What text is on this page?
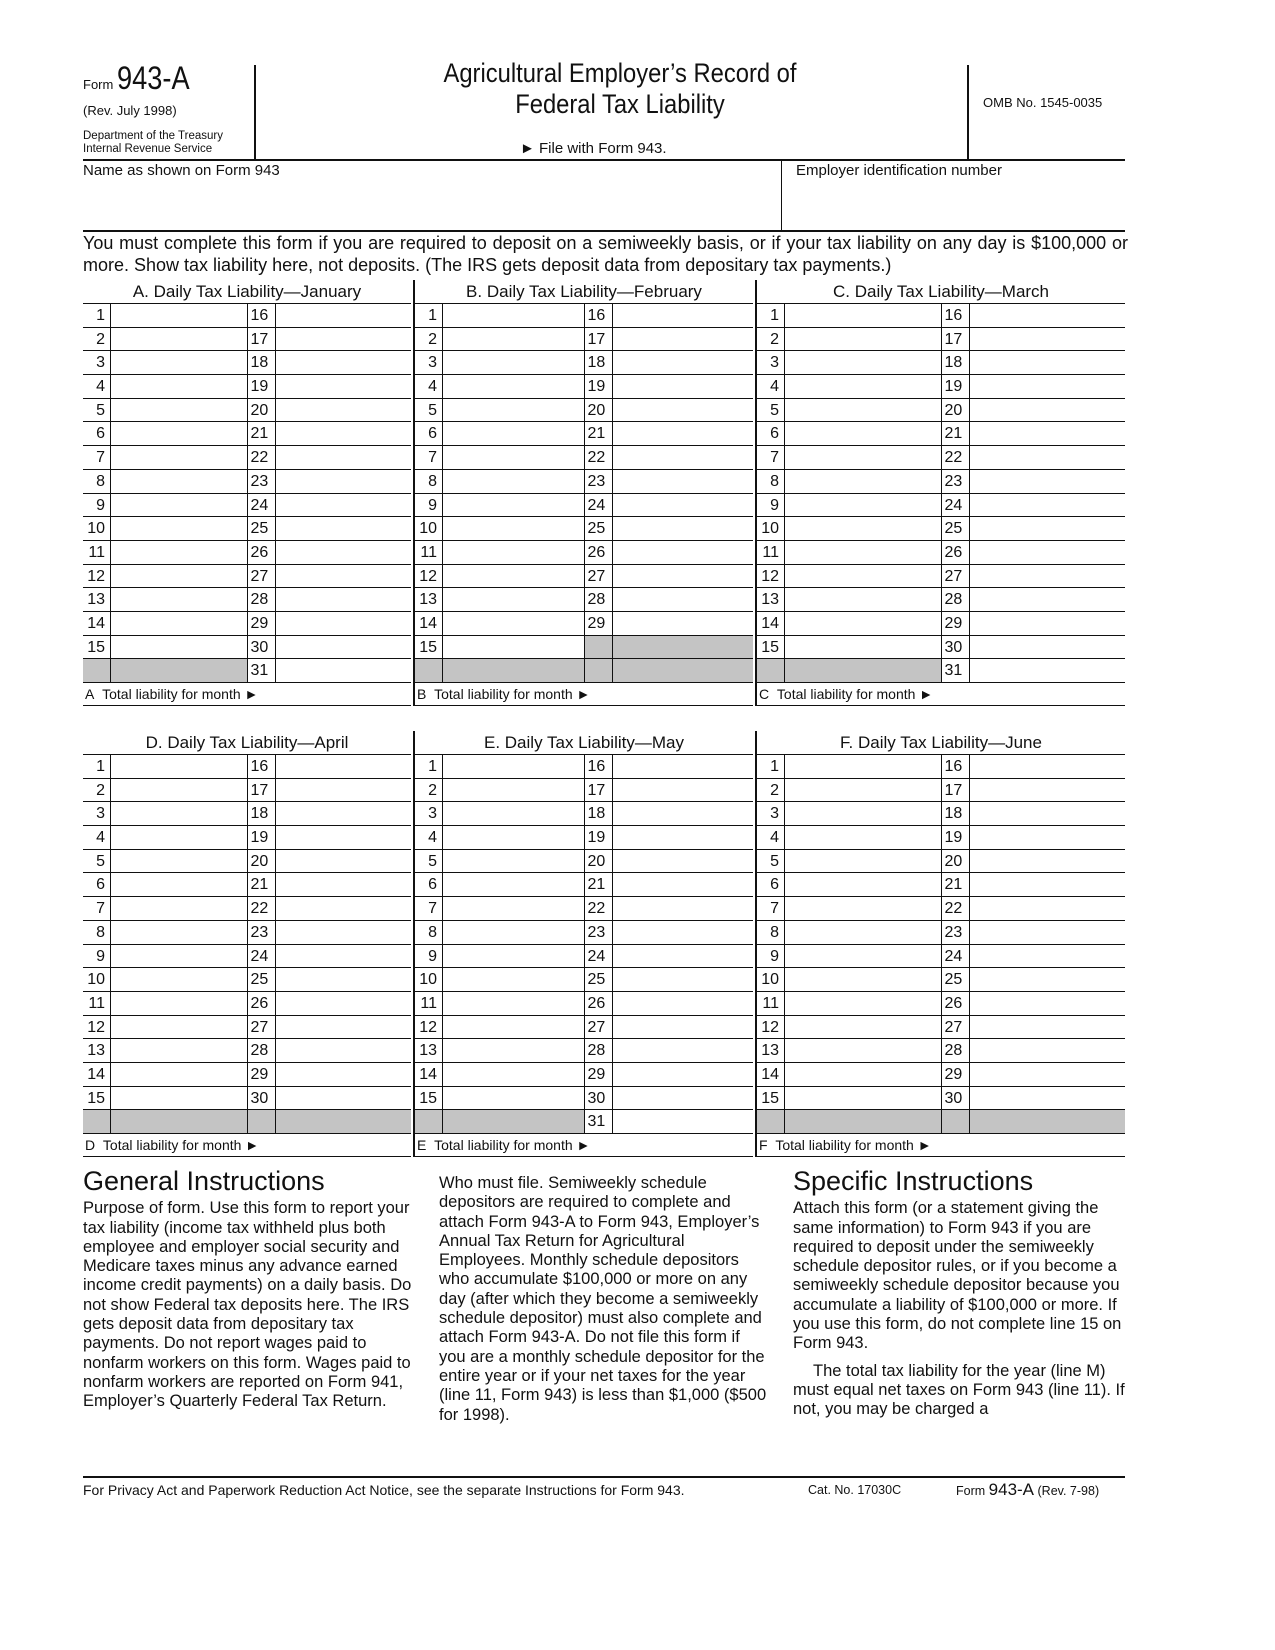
Form 943-A
(Rev. July 1998)
Department of the Treasury
Internal Revenue Service
Agricultural Employer’s Record of
Federal Tax Liability
► File with Form 943.
OMB No. 1545-0035
Name as shown on Form 943	Employer identification number
You must complete this form if you are required to deposit on a semiweekly basis, or if your tax liability on any day is $100,000 or more. Show tax liability here, not deposits. (The IRS gets deposit data from depositary tax payments.)
A. Daily Tax Liability—January
1	16
2	17
3	18
4	19
5	20
6	21
7	22
8	23
9	24
10	25
11	26
12	27
13	28
14	29
15	30
31
A Total liability for month ►
B. Daily Tax Liability—February
1	16
2	17
3	18
4	19
5	20
6	21
7	22
8	23
9	24
10	25
11	26
12	27
13	28
14	29
15
B Total liability for month ►
C. Daily Tax Liability—March
1	16
2	17
3	18
4	19
5	20
6	21
7	22
8	23
9	24
10	25
11	26
12	27
13	28
14	29
15	30
31
C Total liability for month ►
D. Daily Tax Liability—April
1	16
2	17
3	18
4	19
5	20
6	21
7	22
8	23
9	24
10	25
11	26
12	27
13	28
14	29
15	30
D Total liability for month ►
E. Daily Tax Liability—May
1	16
2	17
3	18
4	19
5	20
6	21
7	22
8	23
9	24
10	25
11	26
12	27
13	28
14	29
15	30
31
E Total liability for month ►
F. Daily Tax Liability—June
1	16
2	17
3	18
4	19
5	20
6	21
7	22
8	23
9	24
10	25
11	26
12	27
13	28
14	29
15	30
F Total liability for month ►
General Instructions

Purpose of form. Use this form to report your tax liability (income tax withheld plus both employee and employer social security and Medicare taxes minus any advance earned income credit payments) on a daily basis. Do not show Federal tax deposits here. The IRS gets deposit data from depositary tax payments. Do not report wages paid to nonfarm workers on this form. Wages paid to nonfarm workers are reported on Form 941, Employer’s Quarterly Federal Tax Return.

Who must file. Semiweekly schedule depositors are required to complete and attach Form 943-A to Form 943, Employer’s Annual Tax Return for Agricultural Employees. Monthly schedule depositors who accumulate $100,000 or more on any day (after which they become a semiweekly schedule depositor) must also complete and attach Form 943-A. Do not file this form if you are a monthly schedule depositor for the entire year or if your net taxes for the year (line 11, Form 943) is less than $1,000 ($500 for 1998).
Specific Instructions

Attach this form (or a statement giving the same information) to Form 943 if you are required to deposit under the semiweekly schedule depositor rules, or if you become a semiweekly schedule depositor because you accumulate a liability of $100,000 or more. If you use this form, do not complete line 15 on Form 943.

The total tax liability for the year (line M) must equal net taxes on Form 943 (line 11). If not, you may be charged a

For Privacy Act and Paperwork Reduction Act Notice, see the separate Instructions for Form 943.	Cat. No. 17030C	Form 943-A (Rev. 7-98)
